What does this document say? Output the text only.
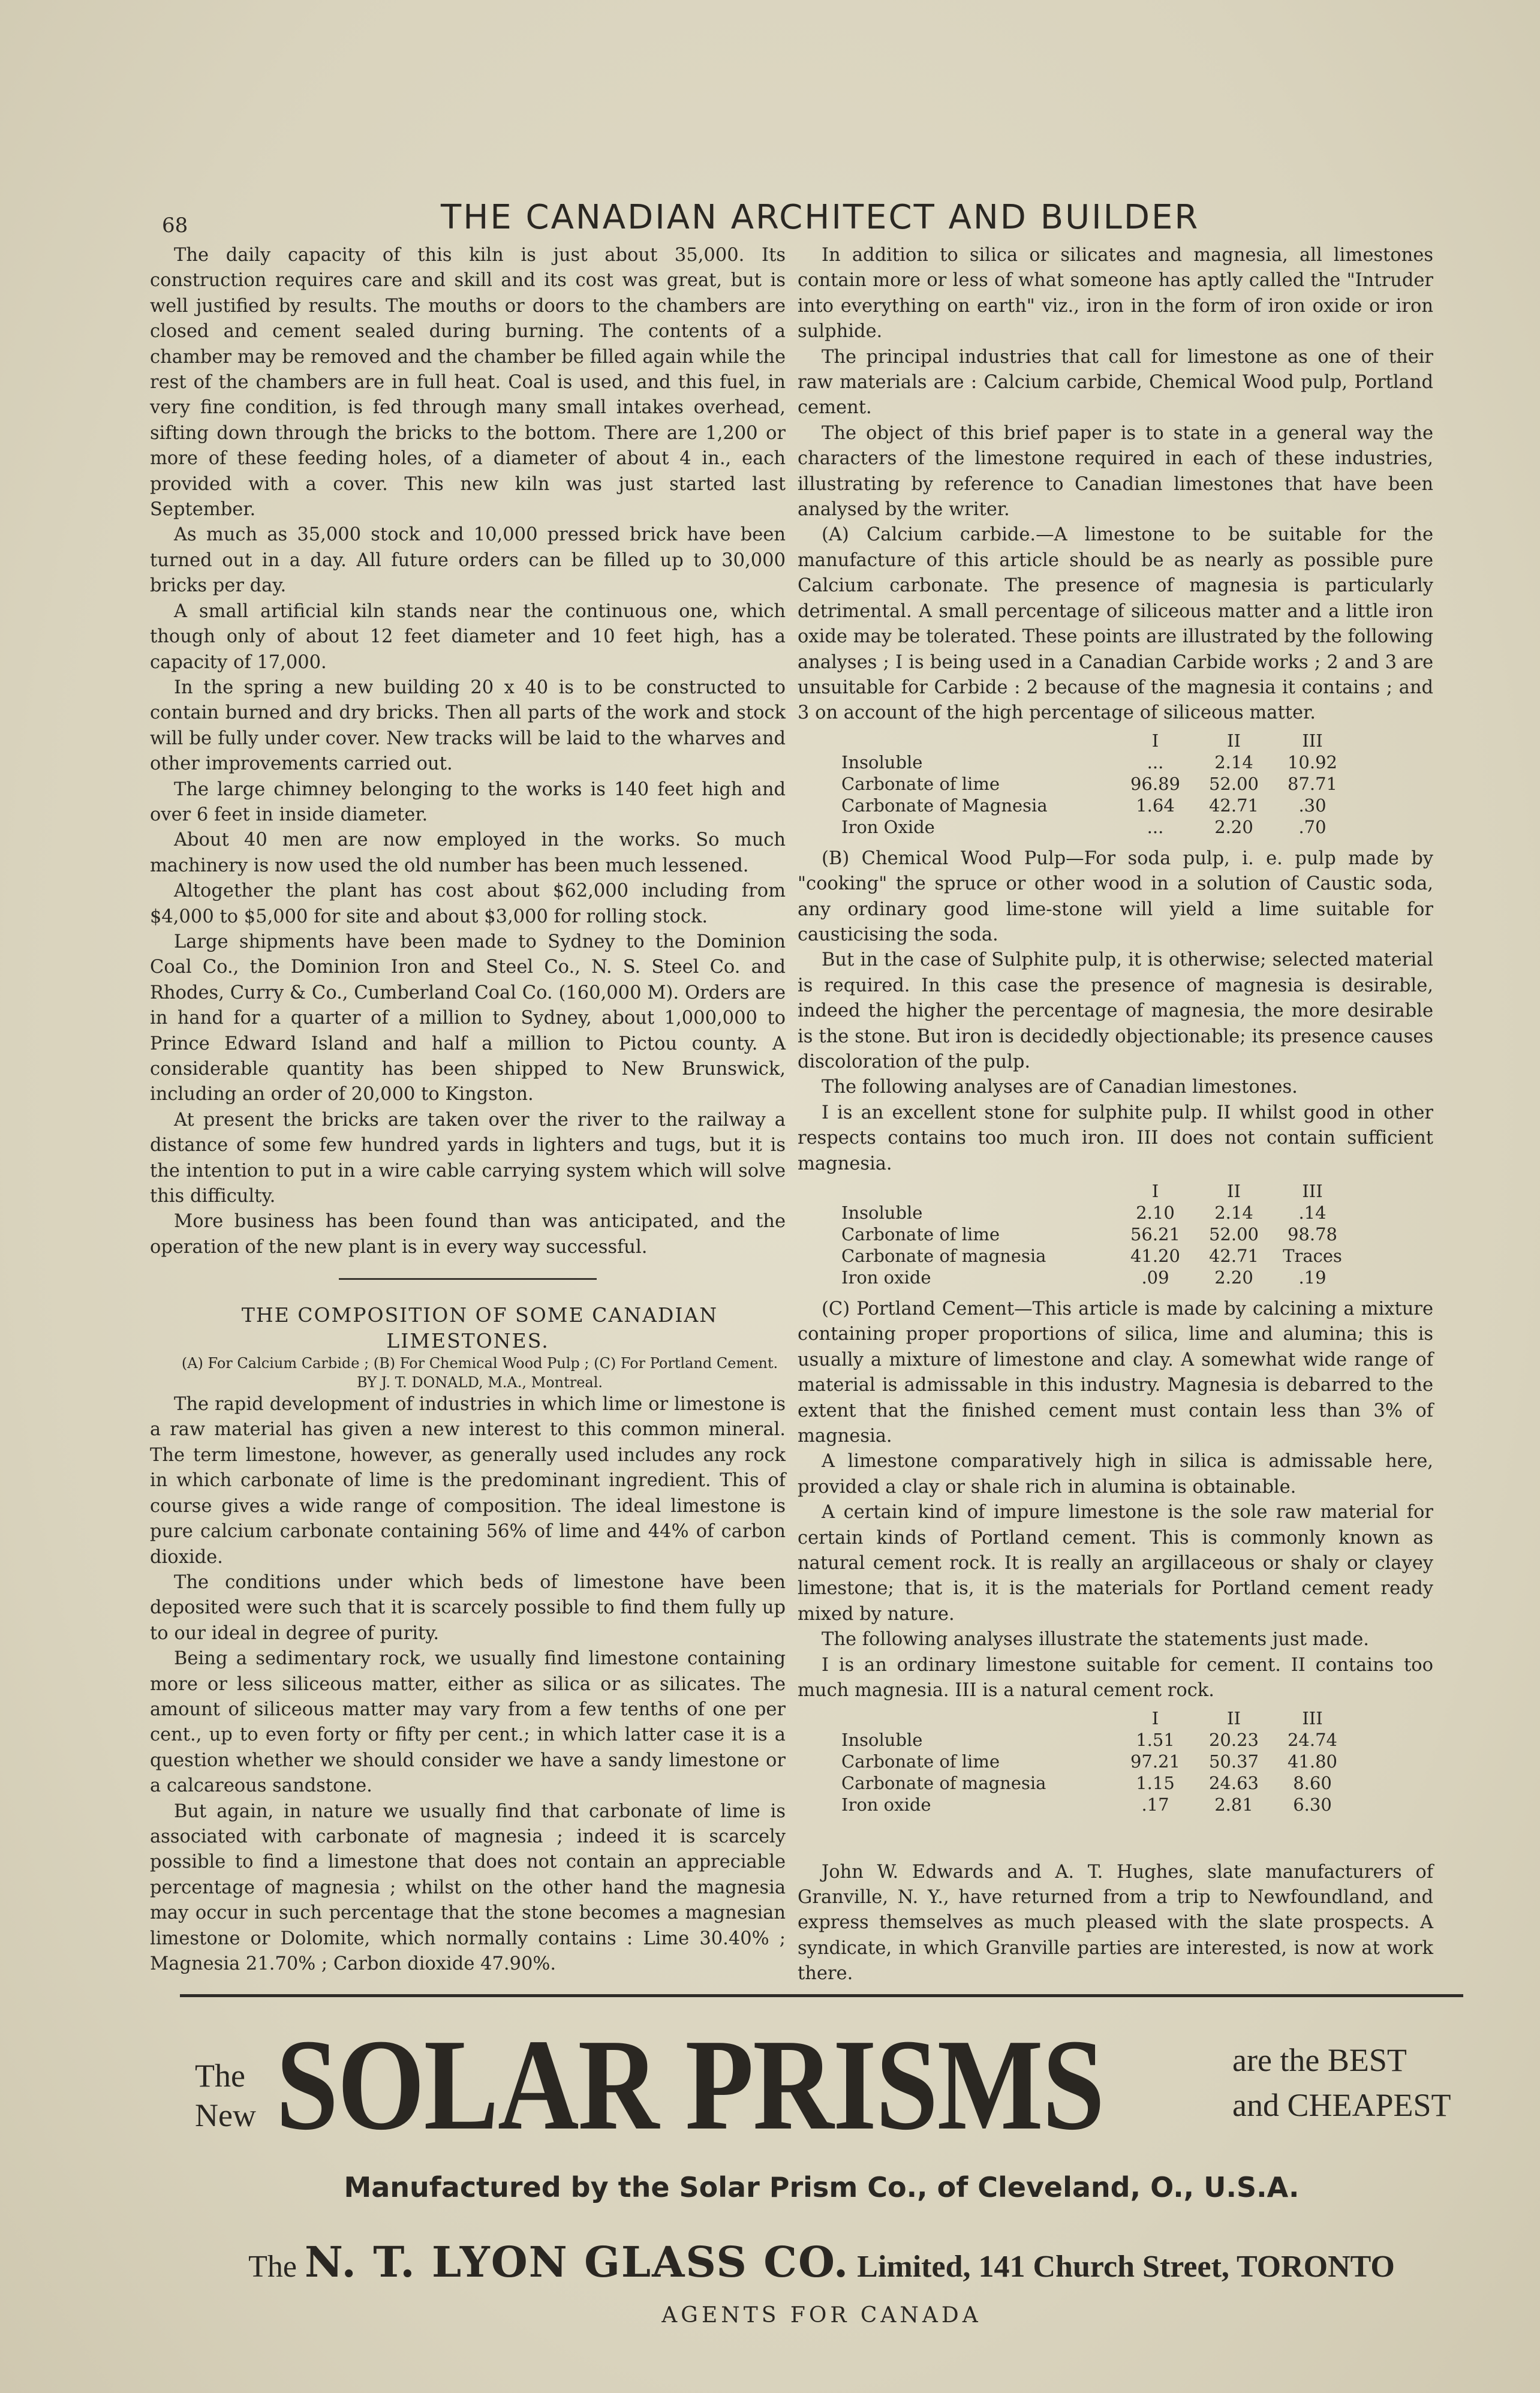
68	THE CANADIAN ARCHITECT AND BUILDER

The daily capacity of this kiln is just about 35,000. Its construction requires care and skill and its cost was great, but is well justified by results. The mouths or doors to the chambers are closed and cement sealed during burning. The contents of a chamber may be removed and the chamber be filled again while the rest of the chambers are in full heat. Coal is used, and this fuel, in very fine condition, is fed through many small intakes overhead, sifting down through the bricks to the bottom. There are 1,200 or more of these feeding holes, of a diameter of about 4 in., each provided with a cover. This new kiln was just started last September.

As much as 35,000 stock and 10,000 pressed brick have been turned out in a day. All future orders can be filled up to 30,000 bricks per day.

A small artificial kiln stands near the continuous one, which though only of about 12 feet diameter and 10 feet high, has a capacity of 17,000.

In the spring a new building 20 x 40 is to be constructed to contain burned and dry bricks. Then all parts of the work and stock will be fully under cover. New tracks will be laid to the wharves and other improvements carried out.

The large chimney belonging to the works is 140 feet high and over 6 feet in inside diameter.

About 40 men are now employed in the works. So much machinery is now used the old number has been much lessened.

Altogether the plant has cost about $62,000 including from $4,000 to $5,000 for site and about $3,000 for rolling stock.

Large shipments have been made to Sydney to the Dominion Coal Co., the Dominion Iron and Steel Co., N. S. Steel Co. and Rhodes, Curry & Co., Cumberland Coal Co. (160,000 M). Orders are in hand for a quarter of a million to Sydney, about 1,000,000 to Prince Edward Island and half a million to Pictou county. A considerable quantity has been shipped to New Brunswick, including an order of 20,000 to Kingston.

At present the bricks are taken over the river to the railway a distance of some few hundred yards in lighters and tugs, but it is the intention to put in a wire cable carrying system which will solve this difficulty.

More business has been found than was anticipated, and the operation of the new plant is in every way successful.

THE COMPOSITION OF SOME CANADIAN LIMESTONES.

(A) For Calcium Carbide ; (B) For Chemical Wood Pulp ; (C) For Portland Cement.

BY J. T. DONALD, M.A., Montreal.

The rapid development of industries in which lime or limestone is a raw material has given a new interest to this common mineral. The term limestone, however, as generally used includes any rock in which carbonate of lime is the predominant ingredient. This of course gives a wide range of composition. The ideal limestone is pure calcium carbonate containing 56% of lime and 44% of carbon dioxide.

The conditions under which beds of limestone have been deposited were such that it is scarcely possible to find them fully up to our ideal in degree of purity.

Being a sedimentary rock, we usually find limestone containing more or less siliceous matter, either as silica or as silicates. The amount of siliceous matter may vary from a few tenths of one per cent., up to even forty or fifty per cent.; in which latter case it is a question whether we should consider we have a sandy limestone or a calcareous sandstone.

But again, in nature we usually find that carbonate of lime is associated with carbonate of magnesia ; indeed it is scarcely possible to find a limestone that does not contain an appreciable percentage of magnesia ; whilst on the other hand the magnesia may occur in such percentage that the stone becomes a magnesian limestone or Dolomite, which normally contains : Lime 30.40% ; Magnesia 21.70% ; Carbon dioxide 47.90%.

In addition to silica or silicates and magnesia, all limestones contain more or less of what someone has aptly called the "Intruder into everything on earth" viz., iron in the form of iron oxide or iron sulphide.

The principal industries that call for limestone as one of their raw materials are : Calcium carbide, Chemical Wood pulp, Portland cement.

The object of this brief paper is to state in a general way the characters of the limestone required in each of these industries, illustrating by reference to Canadian limestones that have been analysed by the writer.

(A) Calcium carbide.—A limestone to be suitable for the manufacture of this article should be as nearly as possible pure Calcium carbonate. The presence of magnesia is particularly detrimental. A small percentage of siliceous matter and a little iron oxide may be tolerated. These points are illustrated by the following analyses ; I is being used in a Canadian Carbide works ; 2 and 3 are unsuitable for Carbide : 2 because of the magnesia it contains ; and 3 on account of the high percentage of siliceous matter.

	I	II	III
Insoluble	...	2.14	10.92
Carbonate of lime	96.89	52.00	87.71
Carbonate of Magnesia	1.64	42.71	.30
Iron Oxide	...	2.20	.70

(B) Chemical Wood Pulp—For soda pulp, i. e. pulp made by "cooking" the spruce or other wood in a solution of Caustic soda, any ordinary good lime-stone will yield a lime suitable for causticising the soda.

But in the case of Sulphite pulp, it is otherwise; selected material is required. In this case the presence of magnesia is desirable, indeed the higher the percentage of magnesia, the more desirable is the stone. But iron is decidedly objectionable; its presence causes discoloration of the pulp.

The following analyses are of Canadian limestones.

I is an excellent stone for sulphite pulp. II whilst good in other respects contains too much iron. III does not contain sufficient magnesia.

	I	II	III
Insoluble	2.10	2.14	.14
Carbonate of lime	56.21	52.00	98.78
Carbonate of magnesia	41.20	42.71	Traces
Iron oxide	.09	2.20	.19

(C) Portland Cement—This article is made by calcining a mixture containing proper proportions of silica, lime and alumina; this is usually a mixture of limestone and clay. A somewhat wide range of material is admissable in this industry. Magnesia is debarred to the extent that the finished cement must contain less than 3% of magnesia.

A limestone comparatively high in silica is admissable here, provided a clay or shale rich in alumina is obtainable.

A certain kind of impure limestone is the sole raw material for certain kinds of Portland cement. This is commonly known as natural cement rock. It is really an argillaceous or shaly or clayey limestone; that is, it is the materials for Portland cement ready mixed by nature.

The following analyses illustrate the statements just made.

I is an ordinary limestone suitable for cement. II contains too much magnesia. III is a natural cement rock.

	I	II	III
Insoluble	1.51	20.23	24.74
Carbonate of lime	97.21	50.37	41.80
Carbonate of magnesia	1.15	24.63	8.60
Iron oxide	.17	2.81	6.30

John W. Edwards and A. T. Hughes, slate manufacturers of Granville, N. Y., have returned from a trip to Newfoundland, and express themselves as much pleased with the slate prospects. A syndicate, in which Granville parties are interested, is now at work there.

The
New SOLAR PRISMS	are the BEST
and CHEAPEST
Manufactured by the Solar Prism Co., of Cleveland, O., U.S.A.
The N. T. LYON GLASS CO. Limited, 141 Church Street, TORONTO
AGENTS FOR CANADA
